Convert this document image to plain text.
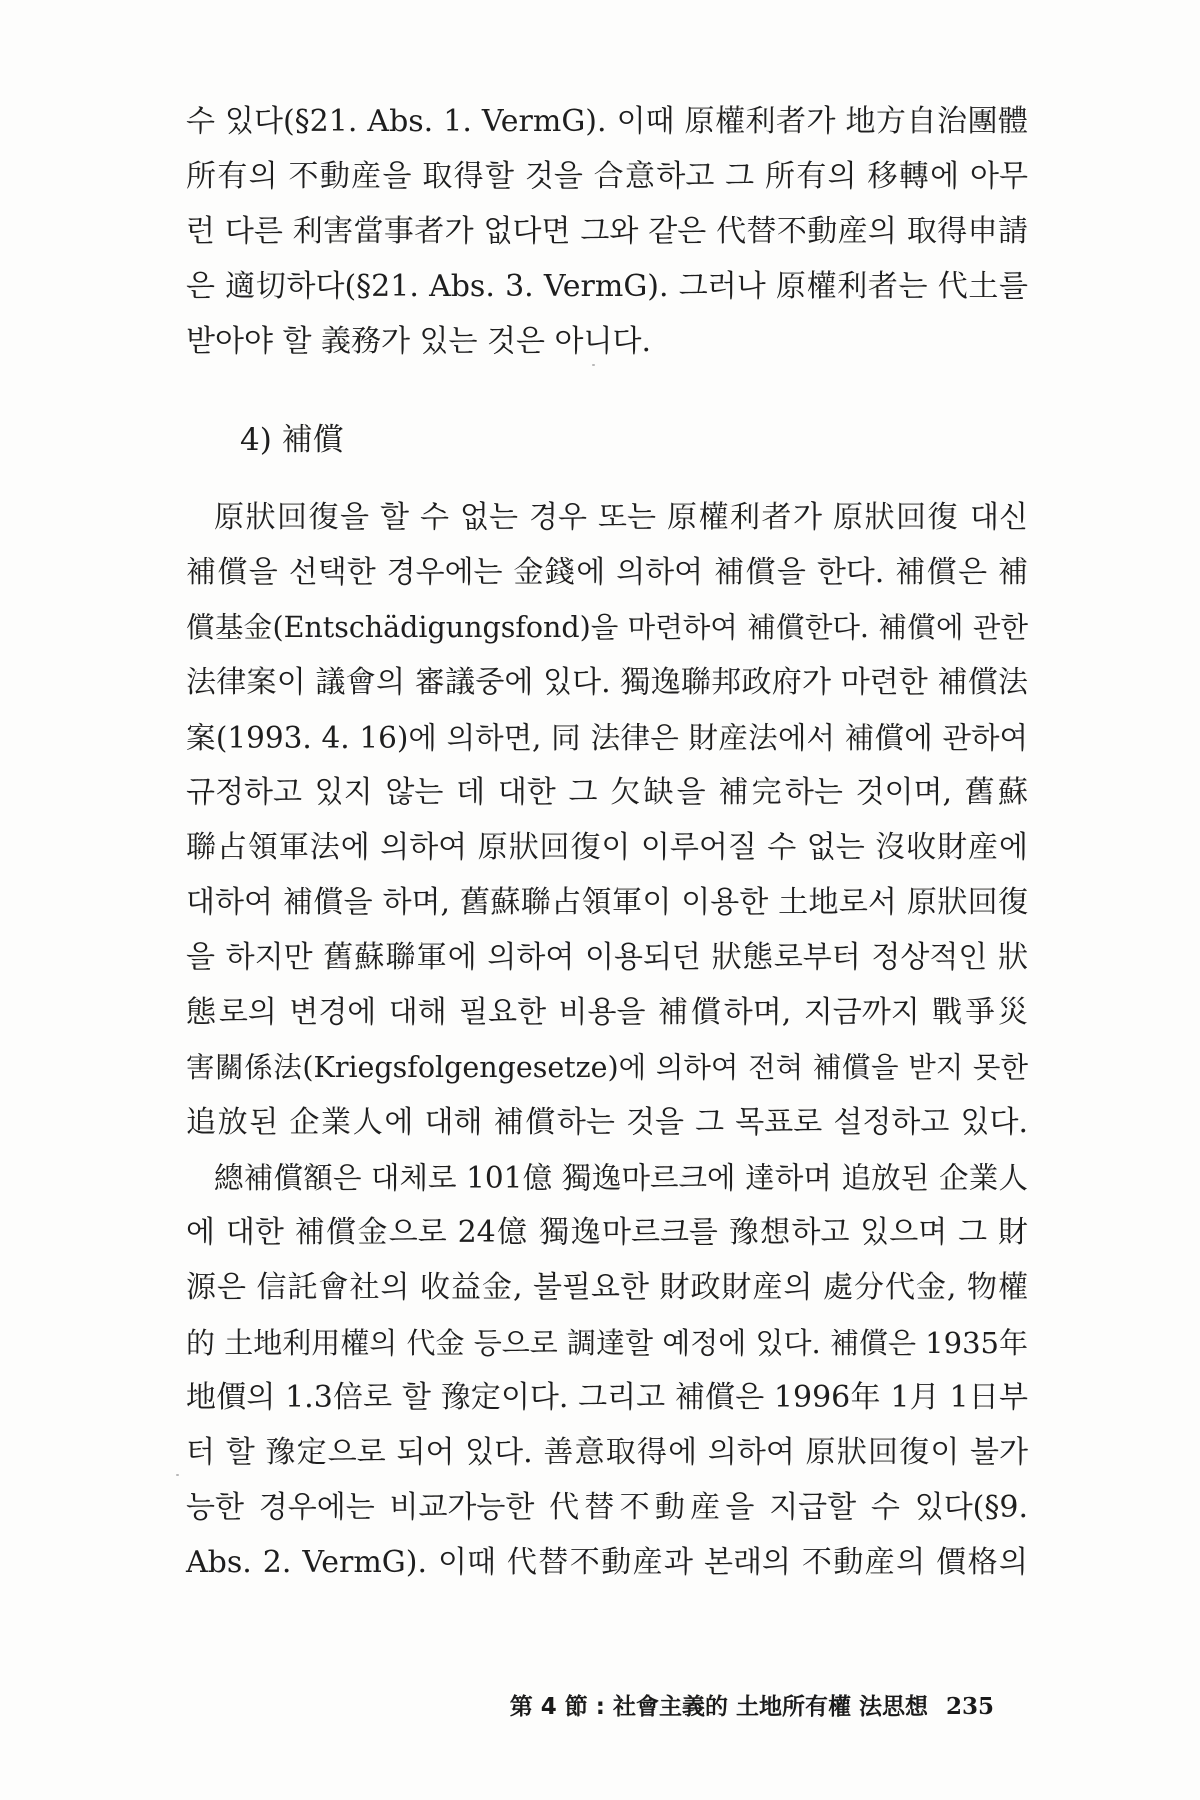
수 있다(§21. Abs. 1. VermG). 이때 原權利者가 地方自治團體
所有의 不動産을 取得할 것을 合意하고 그 所有의 移轉에 아무
런 다른 利害當事者가 없다면 그와 같은 代替不動産의 取得申請
은 適切하다(§21. Abs. 3. VermG). 그러나 原權利者는 代土를
받아야 할 義務가 있는 것은 아니다.
4) 補償
原狀回復을 할 수 없는 경우 또는 原權利者가 原狀回復 대신
補償을 선택한 경우에는 金錢에 의하여 補償을 한다. 補償은 補
償基金(Entschädigungsfond)을 마련하여 補償한다. 補償에 관한
法律案이 議會의 審議중에 있다. 獨逸聯邦政府가 마련한 補償法
案(1993. 4. 16)에 의하면, 同 法律은 財産法에서 補償에 관하여
규정하고 있지 않는 데 대한 그 欠缺을 補完하는 것이며, 舊蘇
聯占領軍法에 의하여 原狀回復이 이루어질 수 없는 沒收財産에
대하여 補償을 하며, 舊蘇聯占領軍이 이용한 土地로서 原狀回復
을 하지만 舊蘇聯軍에 의하여 이용되던 狀態로부터 정상적인 狀
態로의 변경에 대해 필요한 비용을 補償하며, 지금까지 戰爭災
害關係法(Kriegsfolgengesetze)에 의하여 전혀 補償을 받지 못한
追放된 企業人에 대해 補償하는 것을 그 목표로 설정하고 있다.
總補償額은 대체로 101億 獨逸마르크에 達하며 追放된 企業人
에 대한 補償金으로 24億 獨逸마르크를 豫想하고 있으며 그 財
源은 信託會社의 收益金, 불필요한 財政財産의 處分代金, 物權
的 土地利用權의 代金 등으로 調達할 예정에 있다. 補償은 1935年
地價의 1.3倍로 할 豫定이다. 그리고 補償은 1996年 1月 1日부
터 할 豫定으로 되어 있다. 善意取得에 의하여 原狀回復이 불가
능한 경우에는 비교가능한 代替不動産을 지급할 수 있다(§9.
Abs. 2. VermG). 이때 代替不動産과 본래의 不動産의 價格의
第 4 節 : 社會主義的 土地所有權 法思想 235
